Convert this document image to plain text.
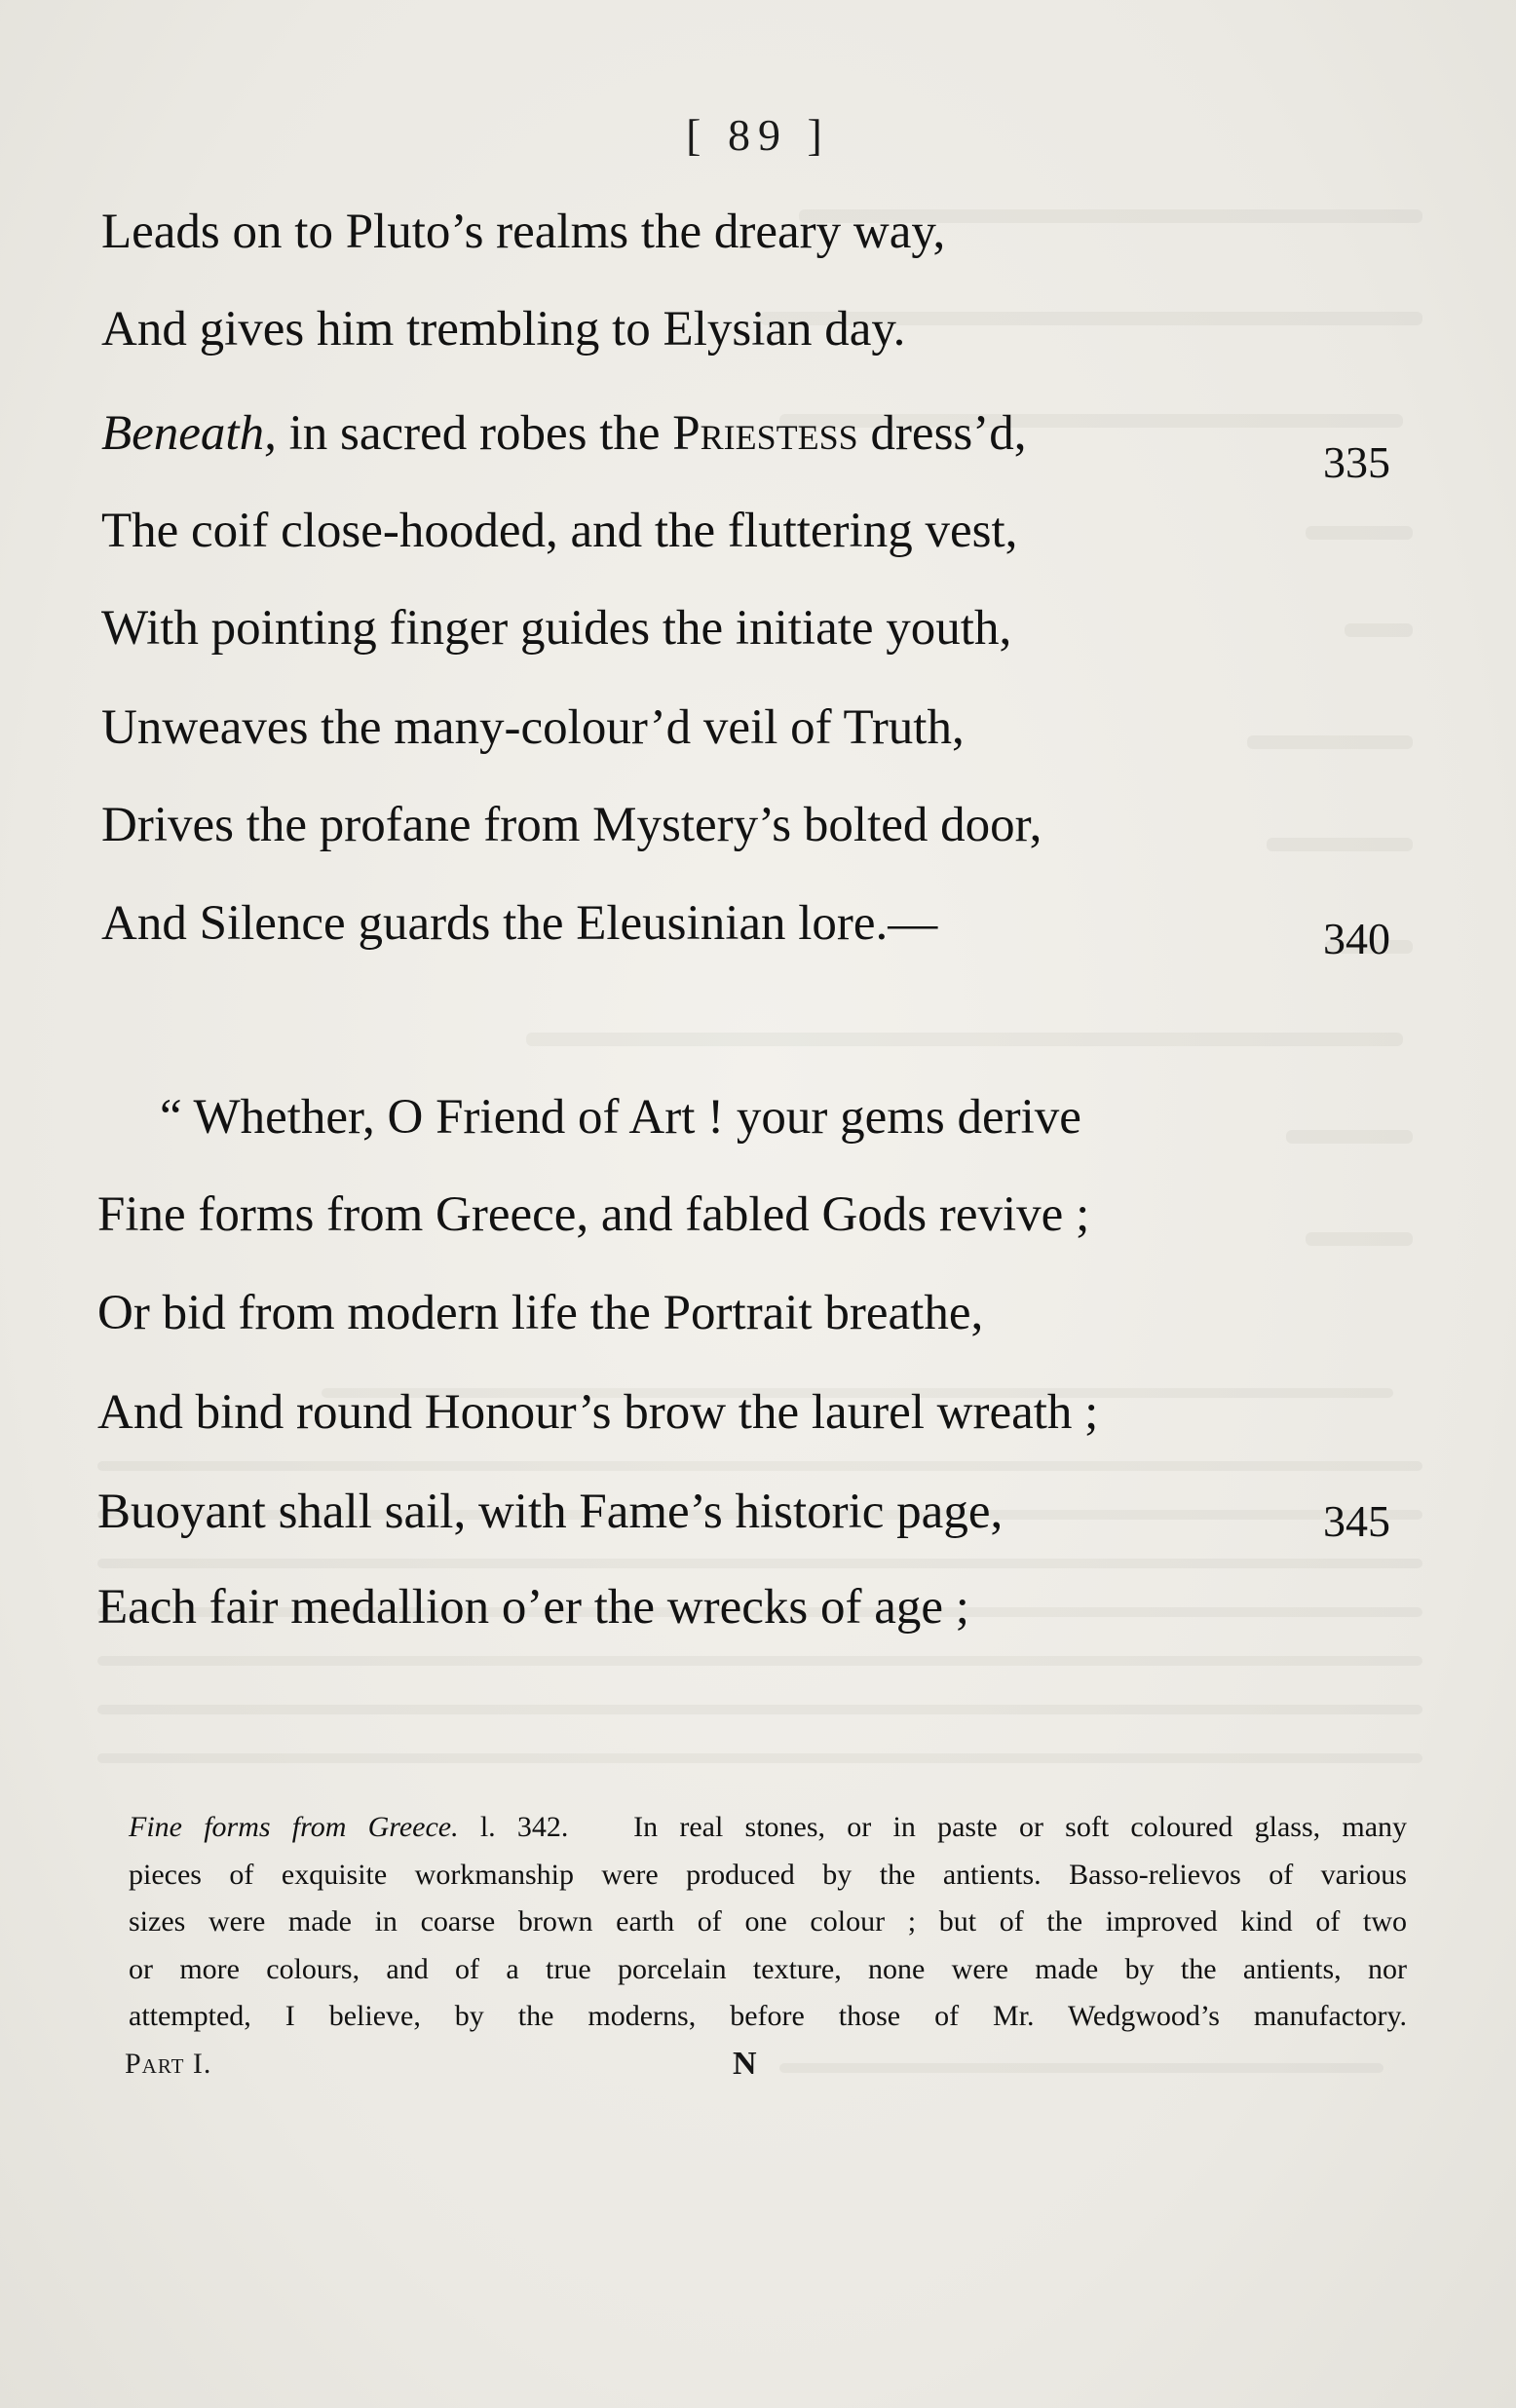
[ 89 ]
Leads on to Pluto’s realms the dreary way,
And gives him trembling to Elysian day.
Beneath, in sacred robes the Priestess dress’d,
335
The coif close-hooded, and the fluttering vest,
With pointing finger guides the initiate youth,
Unweaves the many-colour’d veil of Truth,
Drives the profane from Mystery’s bolted door,
And Silence guards the Eleusinian lore.—	340
“ Whether, O Friend of Art ! your gems derive
Fine forms from Greece, and fabled Gods revive ;
Or bid from modern life the Portrait breathe,
And bind round Honour’s brow the laurel wreath ;
Buoyant shall sail, with Fame’s historic page,	345
Each fair medallion o’er the wrecks of age ;
Fine forms from Greece. l. 342. In real stones, or in paste or soft coloured glass, many
pieces of exquisite workmanship were produced by the antients. Basso-relievos of various
sizes were made in coarse brown earth of one colour ; but of the improved kind of two
or more colours, and of a true porcelain texture, none were made by the antients, nor
attempted, I believe, by the moderns, before those of Mr. Wedgwood’s manufactory.
Part I.	N
